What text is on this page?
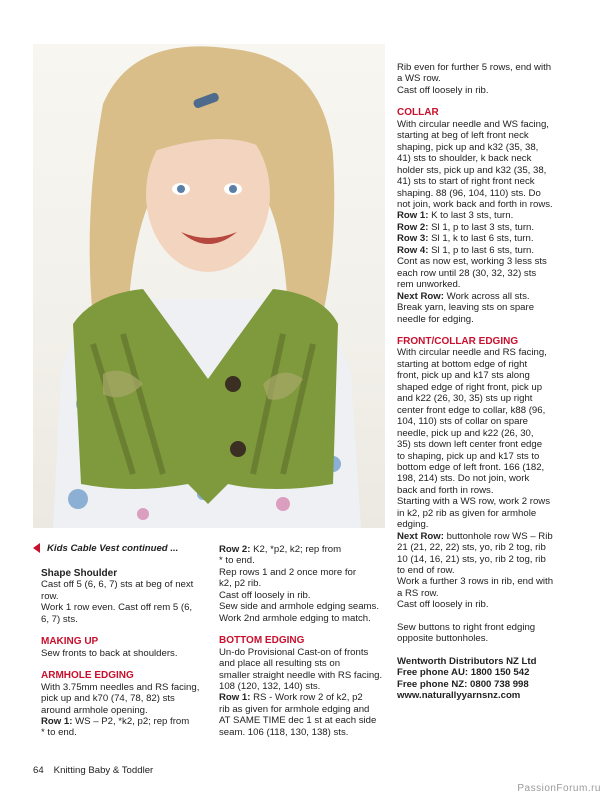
Kids Cable Vest continued ...

Shape Shoulder

Cast off 5 (6, 6, 7) sts at beg of next

row.

Work 1 row even. Cast off rem 5 (6,

6, 7) sts.

MAKING UP

Sew fronts to back at shoulders.

ARMHOLE EDGING

With 3.75mm needles and RS facing,

pick up and k70 (74, 78, 82) sts

around armhole opening.

Row 1: WS – P2, *k2, p2; rep from

* to end.

Row 2: K2, *p2, k2; rep from

* to end.

Rep rows 1 and 2 once more for

k2, p2 rib.

Cast off loosely in rib.

Sew side and armhole edging seams.

Work 2nd armhole edging to match.

BOTTOM EDGING

Un-do Provisional Cast-on of fronts

and place all resulting sts on

smaller straight needle with RS facing.

108 (120, 132, 140) sts.

Row 1: RS - Work row 2 of k2, p2

rib as given for armhole edging and

AT SAME TIME dec 1 st at each side

seam. 106 (118, 130, 138) sts.

Rib even for further 5 rows, end with

a WS row.

Cast off loosely in rib.

COLLAR

With circular needle and WS facing,

starting at beg of left front neck

shaping, pick up and k32 (35, 38,

41) sts to shoulder, k back neck

holder sts, pick up and k32 (35, 38,

41) sts to start of right front neck

shaping. 88 (96, 104, 110) sts. Do

not join, work back and forth in rows.

Row 1: K to last 3 sts, turn.

Row 2: Sl 1, p to last 3 sts, turn.

Row 3: Sl 1, k to last 6 sts, turn.

Row 4: Sl 1, p to last 6 sts, turn.

Cont as now est, working 3 less sts

each row until 28 (30, 32, 32) sts

rem unworked.

Next Row: Work across all sts.

Break yarn, leaving sts on spare

needle for edging.

FRONT/COLLAR EDGING

With circular needle and RS facing,

starting at bottom edge of right

front, pick up and k17 sts along

shaped edge of right front, pick up

and k22 (26, 30, 35) sts up right

center front edge to collar, k88 (96,

104, 110) sts of collar on spare

needle, pick up and k22 (26, 30,

35) sts down left center front edge

to shaping, pick up and k17 sts to

bottom edge of left front. 166 (182,

198, 214) sts. Do not join, work

back and forth in rows.

Starting with a WS row, work 2 rows

in k2, p2 rib as given for armhole

edging.

Next Row: buttonhole row WS – Rib

21 (21, 22, 22) sts, yo, rib 2 tog, rib

10 (14, 16, 21) sts, yo, rib 2 tog, rib

to end of row.

Work a further 3 rows in rib, end with

a RS row.

Cast off loosely in rib.

Sew buttons to right front edging

opposite buttonholes.

Wentworth Distributors NZ Ltd

Free phone AU: 1800 150 542

Free phone NZ: 0800 738 998

www.naturallyyarnsnz.com

64 Knitting Baby & Toddler
PassionForum.ru
